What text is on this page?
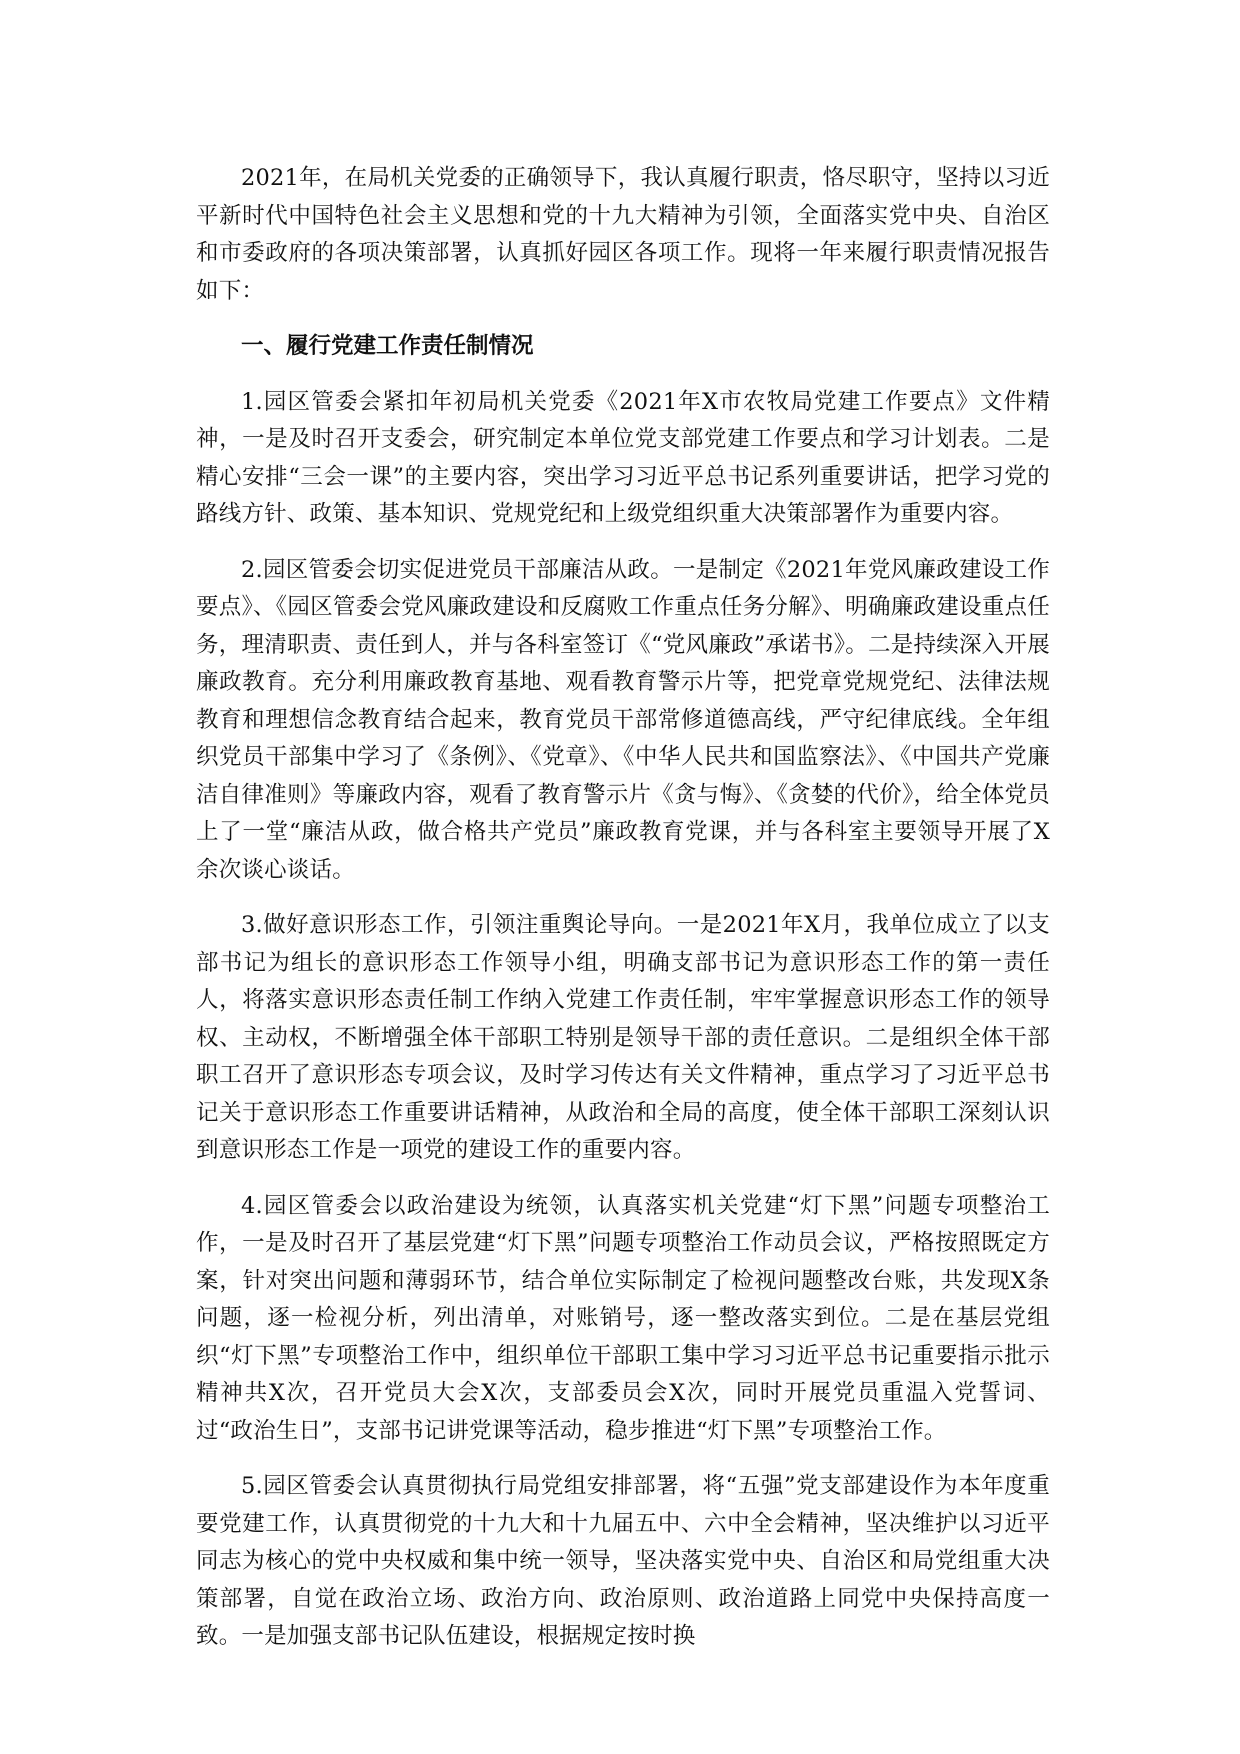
2021年，在局机关党委的正确领导下，我认真履行职责，恪尽职守，坚持以习近平新时代中国特色社会主义思想和党的十九大精神为引领，全面落实党中央、自治区和市委政府的各项决策部署，认真抓好园区各项工作。现将一年来履行职责情况报告如下：

一、履行党建工作责任制情况

1.园区管委会紧扣年初局机关党委《2021年X市农牧局党建工作要点》文件精神，一是及时召开支委会，研究制定本单位党支部党建工作要点和学习计划表。二是精心安排“三会一课”的主要内容，突出学习习近平总书记系列重要讲话，把学习党的路线方针、政策、基本知识、党规党纪和上级党组织重大决策部署作为重要内容。

2.园区管委会切实促进党员干部廉洁从政。一是制定《2021年党风廉政建设工作要点》、《园区管委会党风廉政建设和反腐败工作重点任务分解》、明确廉政建设重点任务，理清职责、责任到人，并与各科室签订《“党风廉政”承诺书》。二是持续深入开展廉政教育。充分利用廉政教育基地、观看教育警示片等，把党章党规党纪、法律法规教育和理想信念教育结合起来，教育党员干部常修道德高线，严守纪律底线。全年组织党员干部集中学习了《条例》、《党章》、《中华人民共和国监察法》、《中国共产党廉洁自律准则》等廉政内容，观看了教育警示片《贪与悔》、《贪婪的代价》，给全体党员上了一堂“廉洁从政，做合格共产党员”廉政教育党课，并与各科室主要领导开展了X余次谈心谈话。

3.做好意识形态工作，引领注重舆论导向。一是2021年X月，我单位成立了以支部书记为组长的意识形态工作领导小组，明确支部书记为意识形态工作的第一责任人，将落实意识形态责任制工作纳入党建工作责任制，牢牢掌握意识形态工作的领导权、主动权，不断增强全体干部职工特别是领导干部的责任意识。二是组织全体干部职工召开了意识形态专项会议，及时学习传达有关文件精神，重点学习了习近平总书记关于意识形态工作重要讲话精神，从政治和全局的高度，使全体干部职工深刻认识到意识形态工作是一项党的建设工作的重要内容。

4.园区管委会以政治建设为统领，认真落实机关党建“灯下黑”问题专项整治工作，一是及时召开了基层党建“灯下黑”问题专项整治工作动员会议，严格按照既定方案，针对突出问题和薄弱环节，结合单位实际制定了检视问题整改台账，共发现X条问题，逐一检视分析，列出清单，对账销号，逐一整改落实到位。二是在基层党组织“灯下黑”专项整治工作中，组织单位干部职工集中学习习近平总书记重要指示批示精神共X次，召开党员大会X次，支部委员会X次，同时开展党员重温入党誓词、过“政治生日”，支部书记讲党课等活动，稳步推进“灯下黑”专项整治工作。

5.园区管委会认真贯彻执行局党组安排部署，将“五强”党支部建设作为本年度重要党建工作，认真贯彻党的十九大和十九届五中、六中全会精神，坚决维护以习近平同志为核心的党中央权威和集中统一领导，坚决落实党中央、自治区和局党组重大决策部署，自觉在政治立场、政治方向、政治原则、政治道路上同党中央保持高度一致。一是加强支部书记队伍建设，根据规定按时换
